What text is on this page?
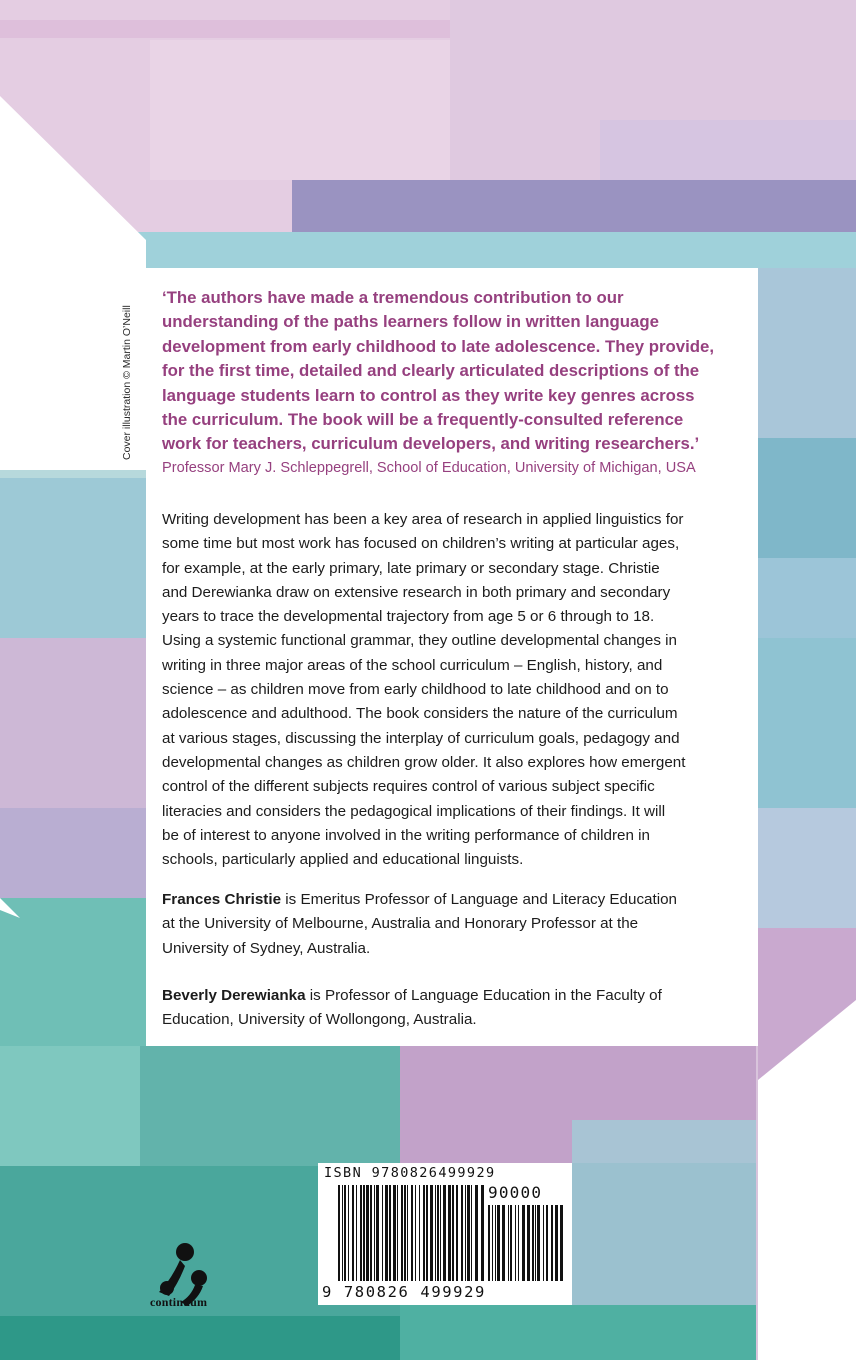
Cover illustration © Martin O’Neill
‘The authors have made a tremendous contribution to our
understanding of the paths learners follow in written language
development from early childhood to late adolescence. They provide,
for the first time, detailed and clearly articulated descriptions of the
language students learn to control as they write key genres across
the curriculum. The book will be a frequently-consulted reference
work for teachers, curriculum developers, and writing researchers.’
Professor Mary J. Schleppegrell, School of Education, University of Michigan, USA
Writing development has been a key area of research in applied linguistics for
some time but most work has focused on children’s writing at particular ages,
for example, at the early primary, late primary or secondary stage. Christie
and Derewianka draw on extensive research in both primary and secondary
years to trace the developmental trajectory from age 5 or 6 through to 18.
Using a systemic functional grammar, they outline developmental changes in
writing in three major areas of the school curriculum – English, history, and
science – as children move from early childhood to late childhood and on to
adolescence and adulthood. The book considers the nature of the curriculum
at various stages, discussing the interplay of curriculum goals, pedagogy and
developmental changes as children grow older. It also explores how emergent
control of the different subjects requires control of various subject specific
literacies and considers the pedagogical implications of their findings. It will
be of interest to anyone involved in the writing performance of children in
schools, particularly applied and educational linguists.
Frances Christie is Emeritus Professor of Language and Literacy Education
at the University of Melbourne, Australia and Honorary Professor at the
University of Sydney, Australia.
Beverly Derewianka is Professor of Language Education in the Faculty of
Education, University of Wollongong, Australia.
ISBN 9780826499929
90000
9 780826 499929
continuum
